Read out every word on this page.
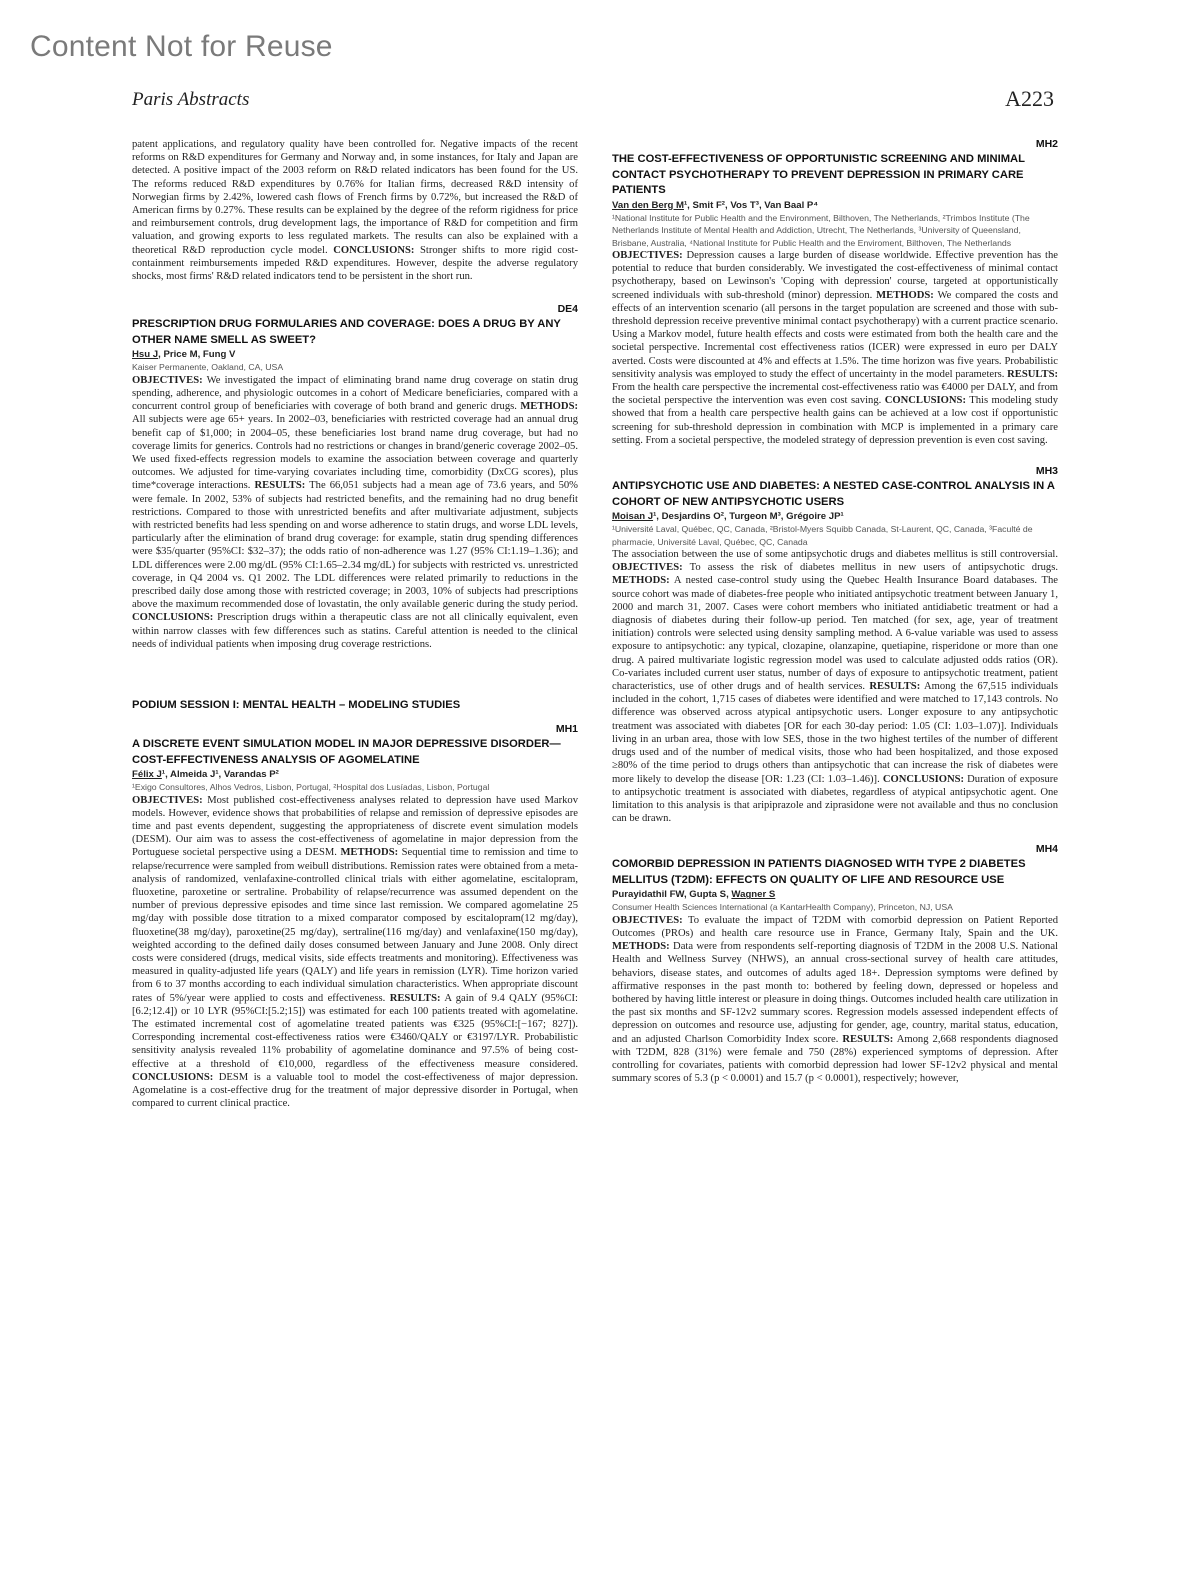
Content Not for Reuse
Paris Abstracts	A223

patent applications, and regulatory quality have been controlled for. Negative impacts of the recent reforms on R&D expenditures for Germany and Norway and, in some instances, for Italy and Japan are detected. A positive impact of the 2003 reform on R&D related indicators has been found for the US. The reforms reduced R&D expenditures by 0.76% for Italian firms, decreased R&D intensity of Norwegian firms by 2.42%, lowered cash flows of French firms by 0.72%, but increased the R&D of American firms by 0.27%. These results can be explained by the degree of the reform rigidness for price and reimbursement controls, drug development lags, the importance of R&D for competition and firm valuation, and growing exports to less regulated markets. The results can also be explained with a theoretical R&D reproduction cycle model. CONCLUSIONS: Stronger shifts to more rigid cost-containment reimbursements impeded R&D expenditures. However, despite the adverse regulatory shocks, most firms' R&D related indicators tend to be persistent in the short run.

DE4
PRESCRIPTION DRUG FORMULARIES AND COVERAGE: DOES A DRUG BY ANY OTHER NAME SMELL AS SWEET?
Hsu J, Price M, Fung V
Kaiser Permanente, Oakland, CA, USA

OBJECTIVES: We investigated the impact of eliminating brand name drug coverage on statin drug spending, adherence, and physiologic outcomes in a cohort of Medicare beneficiaries, compared with a concurrent control group of beneficiaries with coverage of both brand and generic drugs. METHODS: All subjects were age 65+ years. In 2002–03, beneficiaries with restricted coverage had an annual drug benefit cap of $1,000; in 2004–05, these beneficiaries lost brand name drug coverage, but had no coverage limits for generics. Controls had no restrictions or changes in brand/generic coverage 2002–05. We used fixed-effects regression models to examine the association between coverage and quarterly outcomes. We adjusted for time-varying covariates including time, comorbidity (DxCG scores), plus time*coverage interactions. RESULTS: The 66,051 subjects had a mean age of 73.6 years, and 50% were female. In 2002, 53% of subjects had restricted benefits, and the remaining had no drug benefit restrictions. Compared to those with unrestricted benefits and after multivariate adjustment, subjects with restricted benefits had less spending on and worse adherence to statin drugs, and worse LDL levels, particularly after the elimination of brand drug coverage: for example, statin drug spending differences were $35/quarter (95%CI: $32–37); the odds ratio of non-adherence was 1.27 (95% CI:1.19–1.36); and LDL differences were 2.00 mg/dL (95% CI:1.65–2.34 mg/dL) for subjects with restricted vs. unrestricted coverage, in Q4 2004 vs. Q1 2002. The LDL differences were related primarily to reductions in the prescribed daily dose among those with restricted coverage; in 2003, 10% of subjects had prescriptions above the maximum recommended dose of lovastatin, the only available generic during the study period. CONCLUSIONS: Prescription drugs within a therapeutic class are not all clinically equivalent, even within narrow classes with few differences such as statins. Careful attention is needed to the clinical needs of individual patients when imposing drug coverage restrictions.

PODIUM SESSION I: MENTAL HEALTH – MODELING STUDIES
MH1
A DISCRETE EVENT SIMULATION MODEL IN MAJOR DEPRESSIVE DISORDER—COST-EFFECTIVENESS ANALYSIS OF AGOMELATINE
Félix J¹, Almeida J¹, Varandas P²
¹Exigo Consultores, Alhos Vedros, Lisbon, Portugal, ²Hospital dos Lusíadas, Lisbon, Portugal

OBJECTIVES: Most published cost-effectiveness analyses related to depression have used Markov models. However, evidence shows that probabilities of relapse and remission of depressive episodes are time and past events dependent, suggesting the appropriateness of discrete event simulation models (DESM). Our aim was to assess the cost-effectiveness of agomelatine in major depression from the Portuguese societal perspective using a DESM. METHODS: Sequential time to remission and time to relapse/recurrence were sampled from weibull distributions. Remission rates were obtained from a meta-analysis of randomized, venlafaxine-controlled clinical trials with either agomelatine, escitalopram, fluoxetine, paroxetine or sertraline. Probability of relapse/recurrence was assumed dependent on the number of previous depressive episodes and time since last remission. We compared agomelatine 25 mg/day with possible dose titration to a mixed comparator composed by escitalopram(12 mg/day), fluoxetine(38 mg/day), paroxetine(25 mg/day), sertraline(116 mg/day) and venlafaxine(150 mg/day), weighted according to the defined daily doses consumed between January and June 2008. Only direct costs were considered (drugs, medical visits, side effects treatments and monitoring). Effectiveness was measured in quality-adjusted life years (QALY) and life years in remission (LYR). Time horizon varied from 6 to 37 months according to each individual simulation characteristics. When appropriate discount rates of 5%/year were applied to costs and effectiveness. RESULTS: A gain of 9.4 QALY (95%CI:[6.2;12.4]) or 10 LYR (95%CI:[5.2;15]) was estimated for each 100 patients treated with agomelatine. The estimated incremental cost of agomelatine treated patients was €325 (95%CI:[−167; 827]). Corresponding incremental cost-effectiveness ratios were €3460/QALY or €3197/LYR. Probabilistic sensitivity analysis revealed 11% probability of agomelatine dominance and 97.5% of being cost-effective at a threshold of €10,000, regardless of the effectiveness measure considered. CONCLUSIONS: DESM is a valuable tool to model the cost-effectiveness of major depression. Agomelatine is a cost-effective drug for the treatment of major depressive disorder in Portugal, when compared to current clinical practice.

MH2
THE COST-EFFECTIVENESS OF OPPORTUNISTIC SCREENING AND MINIMAL CONTACT PSYCHOTHERAPY TO PREVENT DEPRESSION IN PRIMARY CARE PATIENTS
Van den Berg M¹, Smit F², Vos T³, Van Baal P⁴
¹National Institute for Public Health and the Environment, Bilthoven, The Netherlands, ²Trimbos Institute (The Netherlands Institute of Mental Health and Addiction, Utrecht, The Netherlands, ³University of Queensland, Brisbane, Australia, ⁴National Institute for Public Health and the Enviroment, Bilthoven, The Netherlands

OBJECTIVES: Depression causes a large burden of disease worldwide. Effective prevention has the potential to reduce that burden considerably. We investigated the cost-effectiveness of minimal contact psychotherapy, based on Lewinson's 'Coping with depression' course, targeted at opportunistically screened individuals with sub-threshold (minor) depression. METHODS: We compared the costs and effects of an intervention scenario (all persons in the target population are screened and those with sub-threshold depression receive preventive minimal contact psychotherapy) with a current practice scenario. Using a Markov model, future health effects and costs were estimated from both the health care and the societal perspective. Incremental cost effectiveness ratios (ICER) were expressed in euro per DALY averted. Costs were discounted at 4% and effects at 1.5%. The time horizon was five years. Probabilistic sensitivity analysis was employed to study the effect of uncertainty in the model parameters. RESULTS: From the health care perspective the incremental cost-effectiveness ratio was €4000 per DALY, and from the societal perspective the intervention was even cost saving. CONCLUSIONS: This modeling study showed that from a health care perspective health gains can be achieved at a low cost if opportunistic screening for sub-threshold depression in combination with MCP is implemented in a primary care setting. From a societal perspective, the modeled strategy of depression prevention is even cost saving.

MH3
ANTIPSYCHOTIC USE AND DIABETES: A NESTED CASE-CONTROL ANALYSIS IN A COHORT OF NEW ANTIPSYCHOTIC USERS
Moisan J¹, Desjardins O², Turgeon M³, Grégoire JP¹
¹Université Laval, Québec, QC, Canada, ²Bristol-Myers Squibb Canada, St-Laurent, QC, Canada, ³Faculté de pharmacie, Université Laval, Québec, QC, Canada

The association between the use of some antipsychotic drugs and diabetes mellitus is still controversial. OBJECTIVES: To assess the risk of diabetes mellitus in new users of antipsychotic drugs. METHODS: A nested case-control study using the Quebec Health Insurance Board databases. The source cohort was made of diabetes-free people who initiated antipsychotic treatment between January 1, 2000 and march 31, 2007. Cases were cohort members who initiated antidiabetic treatment or had a diagnosis of diabetes during their follow-up period. Ten matched (for sex, age, year of treatment initiation) controls were selected using density sampling method. A 6-value variable was used to assess exposure to antipsychotic: any typical, clozapine, olanzapine, quetiapine, risperidone or more than one drug. A paired multivariate logistic regression model was used to calculate adjusted odds ratios (OR). Co-variates included current user status, number of days of exposure to antipsychotic treatment, patient characteristics, use of other drugs and of health services. RESULTS: Among the 67,515 individuals included in the cohort, 1,715 cases of diabetes were identified and were matched to 17,143 controls. No difference was observed across atypical antipsychotic users. Longer exposure to any antipsychotic treatment was associated with diabetes [OR for each 30-day period: 1.05 (CI: 1.03–1.07)]. Individuals living in an urban area, those with low SES, those in the two highest tertiles of the number of different drugs used and of the number of medical visits, those who had been hospitalized, and those exposed ≥80% of the time period to drugs others than antipsychotic that can increase the risk of diabetes were more likely to develop the disease [OR: 1.23 (CI: 1.03–1.46)]. CONCLUSIONS: Duration of exposure to antipsychotic treatment is associated with diabetes, regardless of atypical antipsychotic agent. One limitation to this analysis is that aripiprazole and ziprasidone were not available and thus no conclusion can be drawn.

MH4
COMORBID DEPRESSION IN PATIENTS DIAGNOSED WITH TYPE 2 DIABETES MELLITUS (T2DM): EFFECTS ON QUALITY OF LIFE AND RESOURCE USE
Purayidathil FW, Gupta S, Wagner S
Consumer Health Sciences International (a KantarHealth Company), Princeton, NJ, USA

OBJECTIVES: To evaluate the impact of T2DM with comorbid depression on Patient Reported Outcomes (PROs) and health care resource use in France, Germany Italy, Spain and the UK. METHODS: Data were from respondents self-reporting diagnosis of T2DM in the 2008 U.S. National Health and Wellness Survey (NHWS), an annual cross-sectional survey of health care attitudes, behaviors, disease states, and outcomes of adults aged 18+. Depression symptoms were defined by affirmative responses in the past month to: bothered by feeling down, depressed or hopeless and bothered by having little interest or pleasure in doing things. Outcomes included health care utilization in the past six months and SF-12v2 summary scores. Regression models assessed independent effects of depression on outcomes and resource use, adjusting for gender, age, country, marital status, education, and an adjusted Charlson Comorbidity Index score. RESULTS: Among 2,668 respondents diagnosed with T2DM, 828 (31%) were female and 750 (28%) experienced symptoms of depression. After controlling for covariates, patients with comorbid depression had lower SF-12v2 physical and mental summary scores of 5.3 (p < 0.0001) and 15.7 (p < 0.0001), respectively; however,
